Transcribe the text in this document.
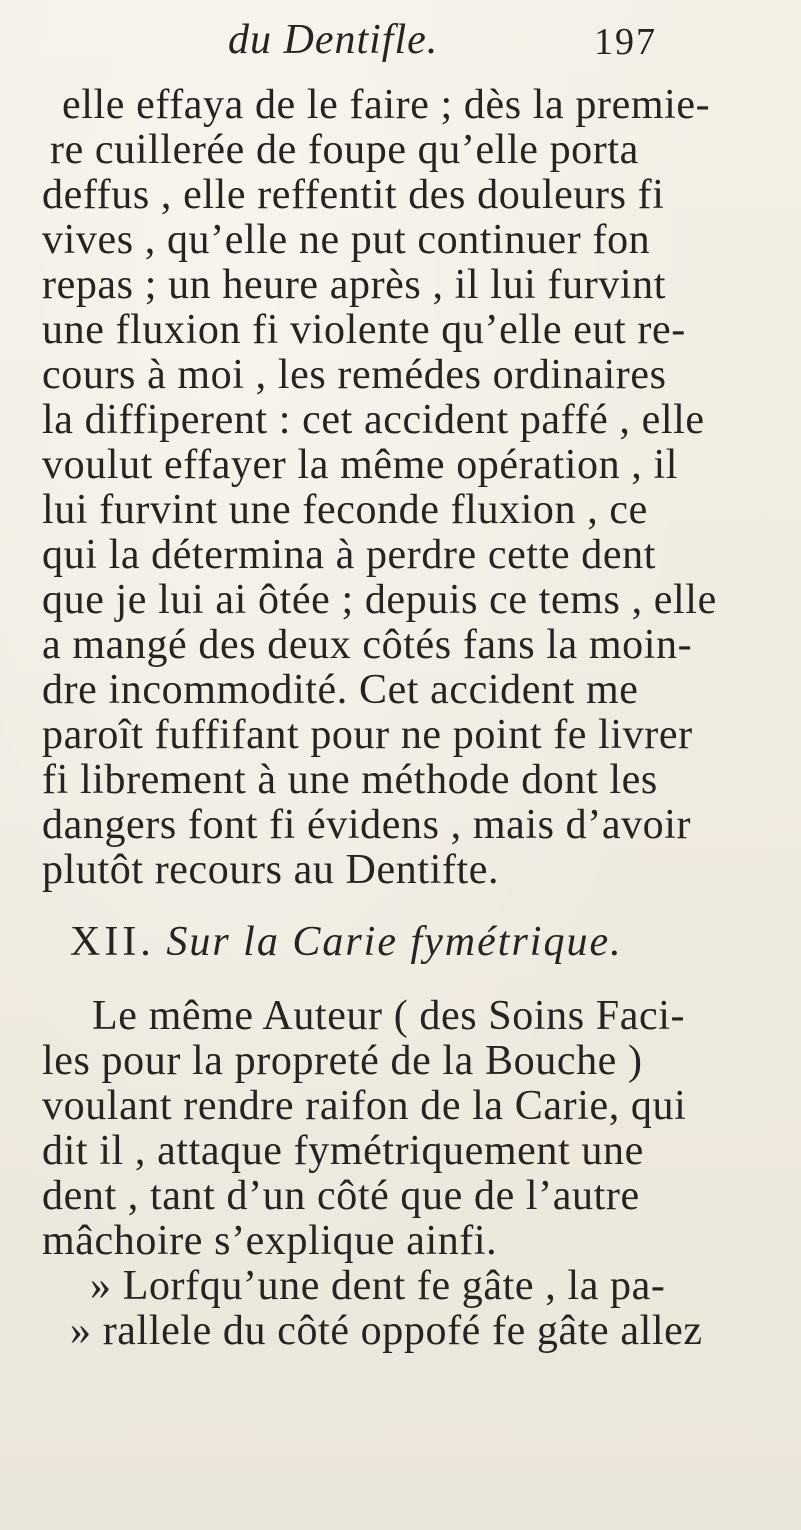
du Dentifle.	197
elle effaya de le faire ; dès la premie-
re cuillerée de foupe qu’elle porta
deffus , elle reffentit des douleurs fi
vives , qu’elle ne put continuer fon
repas ; un heure après , il lui furvint
une fluxion fi violente qu’elle eut re-
cours à moi , les remédes ordinaires
la diffiperent : cet accident paffé , elle
voulut effayer la même opération , il
lui furvint une feconde fluxion , ce
qui la détermina à perdre cette dent
que je lui ai ôtée ; depuis ce tems , elle
a mangé des deux côtés fans la moin-
dre incommodité. Cet accident me
paroît fuffifant pour ne point fe livrer
fi librement à une méthode dont les
dangers font fi évidens , mais d’avoir
plutôt recours au Dentifte.
XII. Sur la Carie fymétrique.
Le même Auteur ( des Soins Faci-
les pour la propreté de la Bouche )
voulant rendre raifon de la Carie, qui
dit il , attaque fymétriquement une
dent , tant d’un côté que de l’autre
mâchoire s’explique ainfi.
» Lorfqu’une dent fe gâte , la pa-
» rallele du côté oppofé fe gâte allez
